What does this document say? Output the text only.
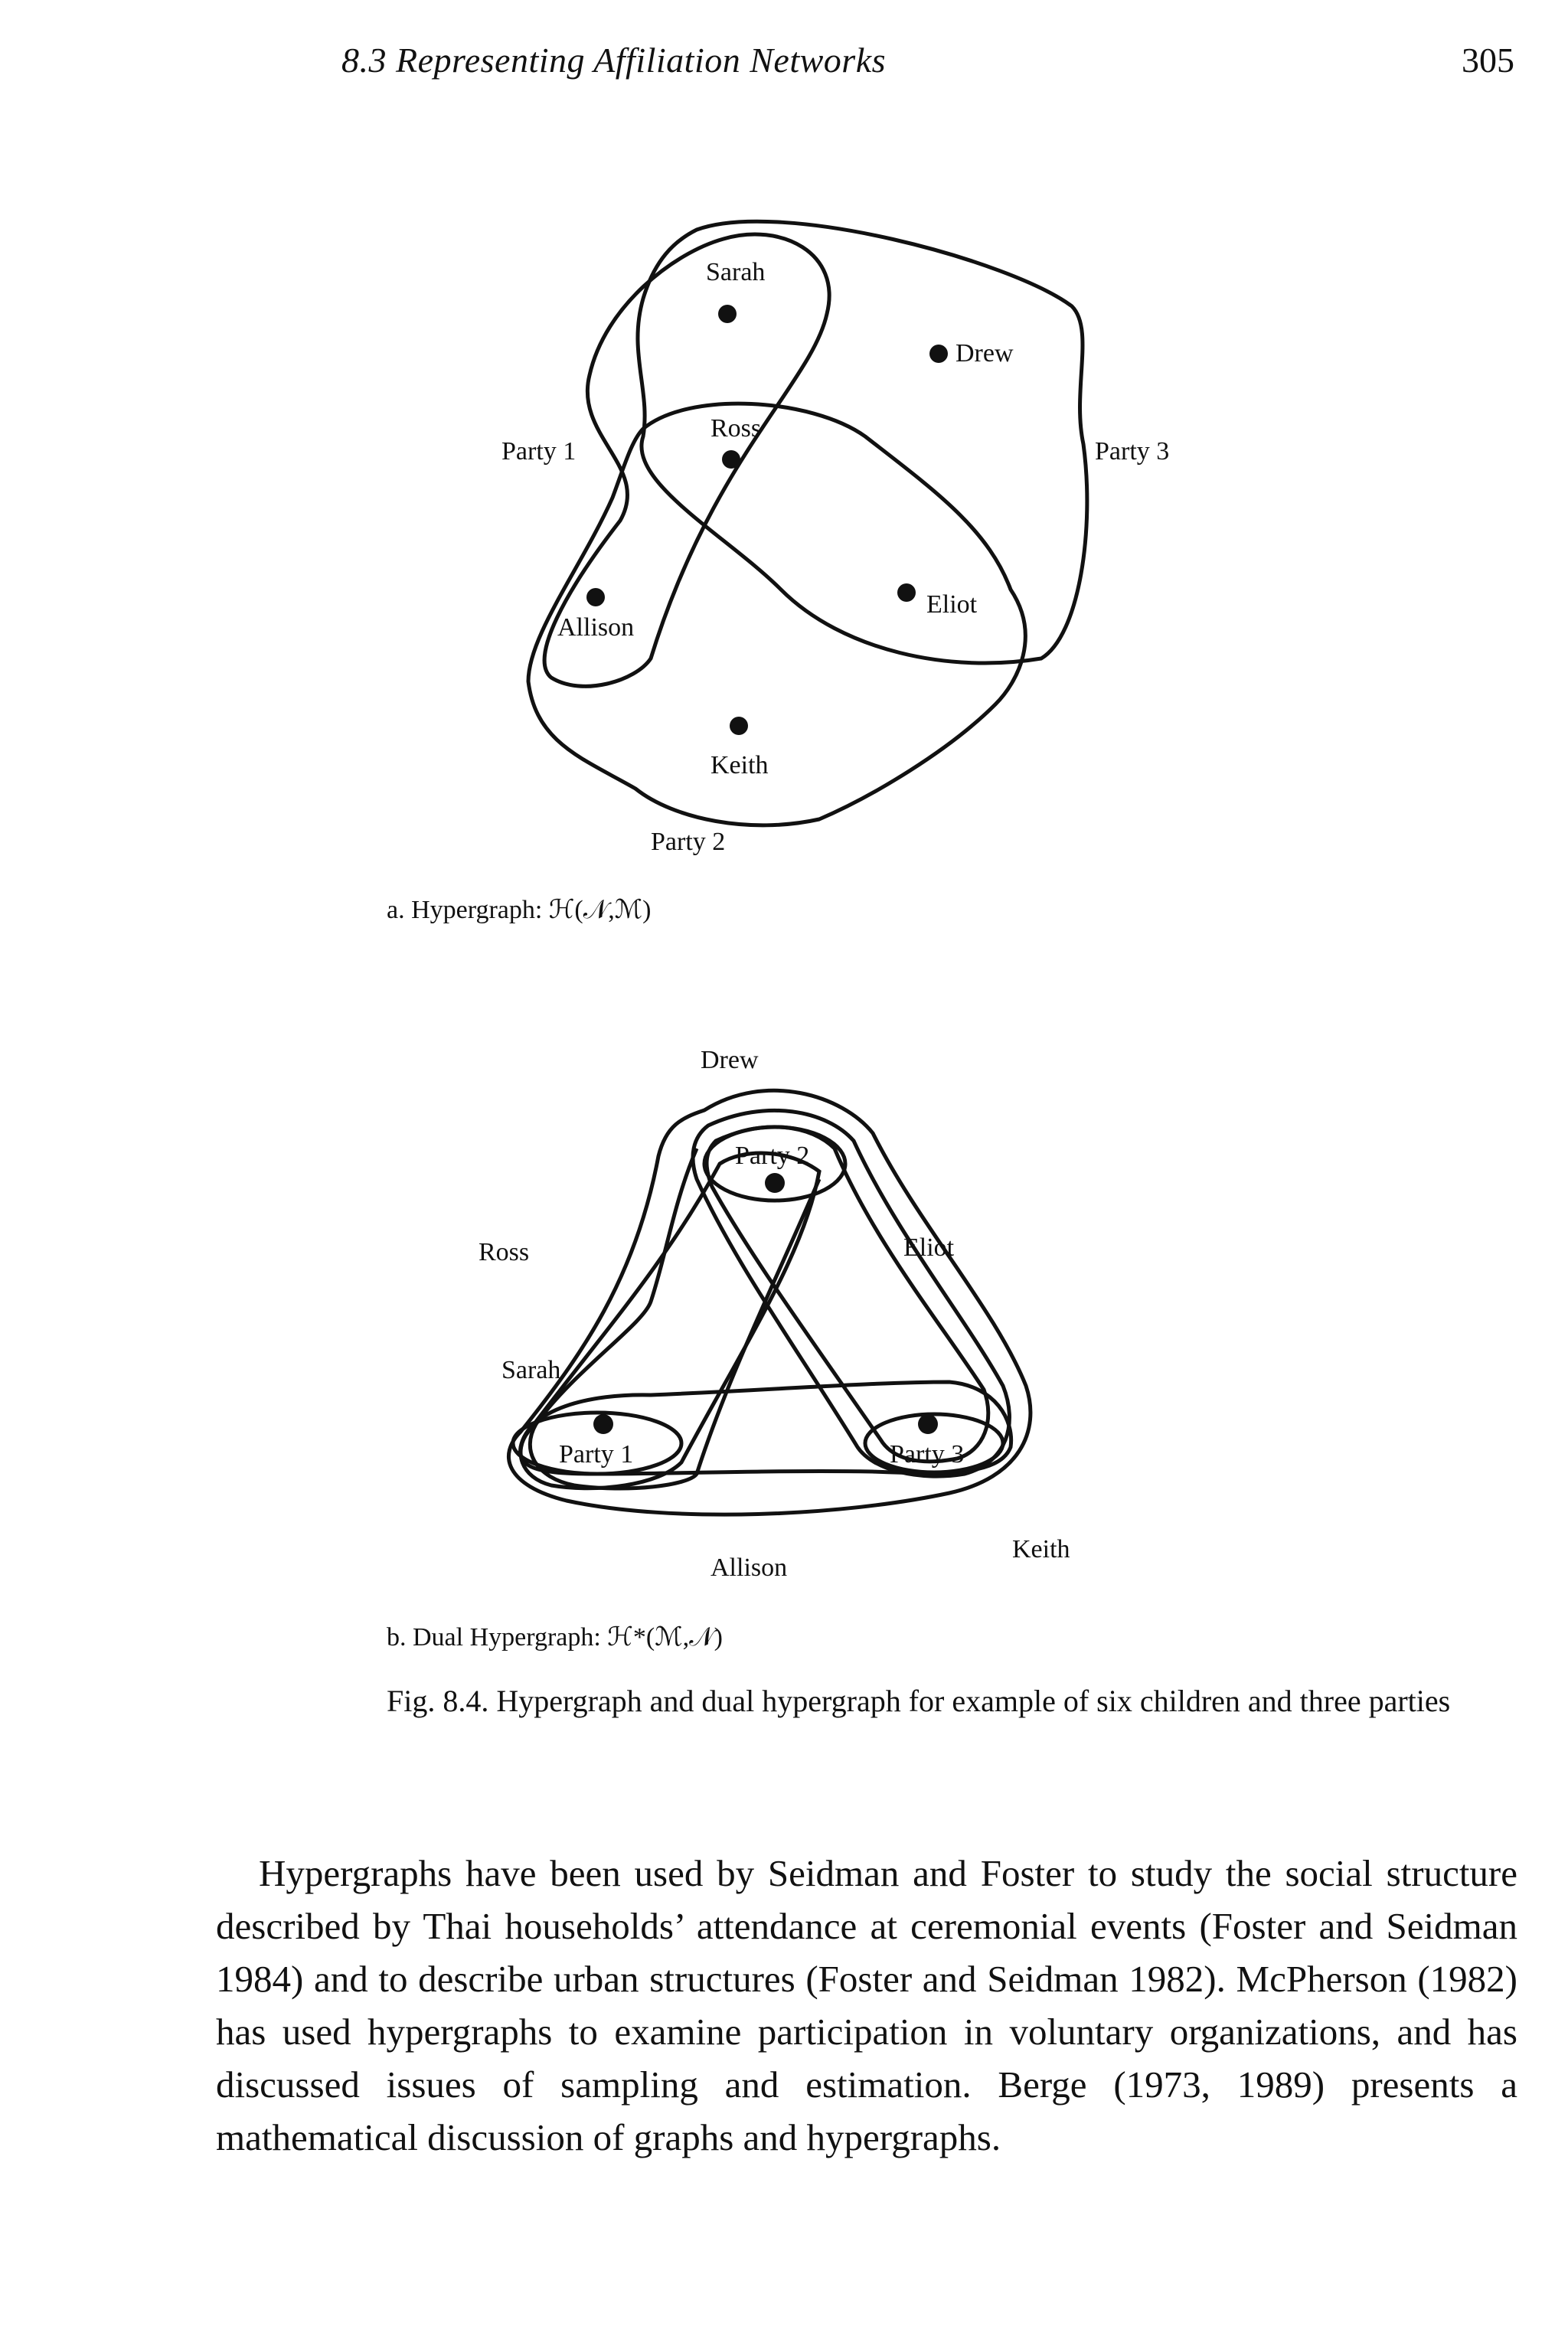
8.3 Representing Affiliation Networks	305
Sarah
Drew
Ross
Allison
Eliot
Keith
Party 1
Party 2
Party 3
a. Hypergraph: ℋ(𝒩,ℳ)
Party 2
Party 1	Party 3
Drew
Ross	Eliot
Sarah
Allison
Keith
b. Dual Hypergraph: ℋ*(ℳ,𝒩)
Fig. 8.4. Hypergraph and dual hypergraph for example of six children and three parties

Hypergraphs have been used by Seidman and Foster to study the social structure described by Thai households’ attendance at ceremonial events (Foster and Seidman 1984) and to describe urban structures (Foster and Seidman 1982). McPherson (1982) has used hypergraphs to examine participation in voluntary organizations, and has discussed issues of sampling and estimation. Berge (1973, 1989) presents a mathematical discussion of graphs and hypergraphs.
